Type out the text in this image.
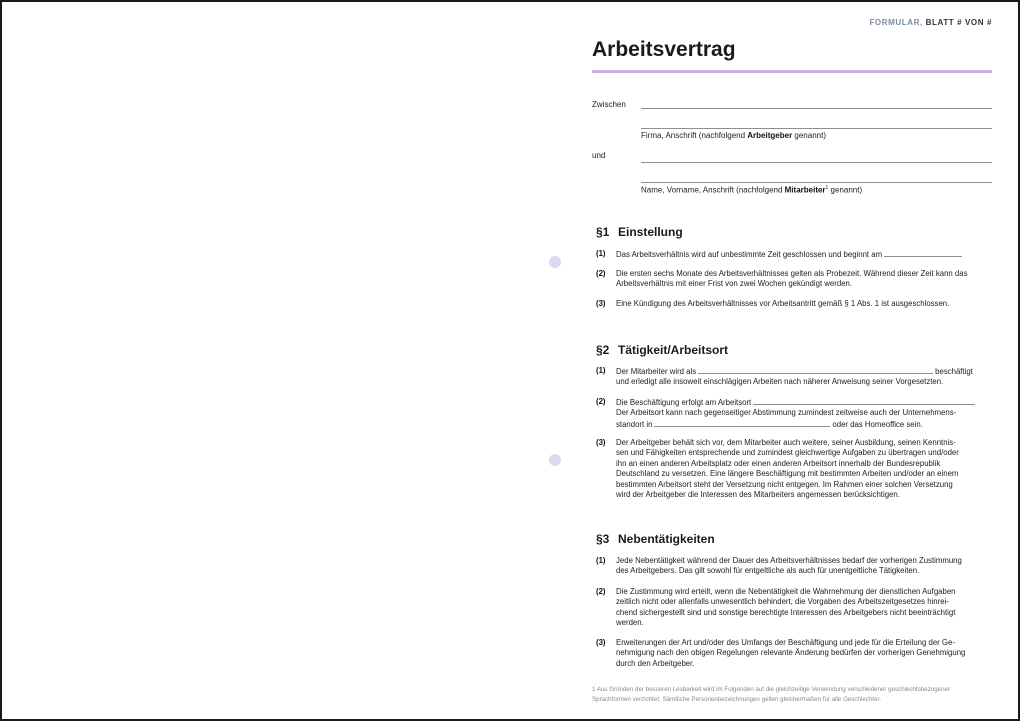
FORMULAR, BLATT # VON #
Arbeitsvertrag
Zwischen
Firma, Anschrift (nachfolgend Arbeitgeber genannt)
und
Name, Vorname, Anschrift (nachfolgend Mitarbeiter$^1$ genannt)
§1 Einstellung
(1) Das Arbeitsverhältnis wird auf unbestimmte Zeit geschlossen und beginnt am
(2) Die ersten sechs Monate des Arbeitsverhältnisses gelten als Probezeit. Während dieser Zeit kann das
Arbeitsverhältnis mit einer Frist von zwei Wochen gekündigt werden.
(3) Eine Kündigung des Arbeitsverhältnisses vor Arbeitsantritt gemäß § 1 Abs. 1 ist ausgeschlossen.
§2 Tätigkeit/Arbeitsort
(1) Der Mitarbeiter wird als	beschäftigt
und erledigt alle insoweit einschlägigen Arbeiten nach näherer Anweisung seiner Vorgesetzten.
(2) Die Beschäftigung erfolgt am Arbeitsort
Der Arbeitsort kann nach gegenseitiger Abstimmung zumindest zeitweise auch der Unternehmens-
standort in	oder das Homeoffice sein.
(3) Der Arbeitgeber behält sich vor, dem Mitarbeiter auch weitere, seiner Ausbildung, seinen Kenntnis-
sen und Fähigkeiten entsprechende und zumindest gleichwertige Aufgaben zu übertragen und/oder
ihn an einen anderen Arbeitsplatz oder einen anderen Arbeitsort innerhalb der Bundesrepublik
Deutschland zu versetzen. Eine längere Beschäftigung mit bestimmten Arbeiten und/oder an einem
bestimmten Arbeitsort steht der Versetzung nicht entgegen. Im Rahmen einer solchen Versetzung
wird der Arbeitgeber die Interessen des Mitarbeiters angemessen berücksichtigen.
§3 Nebentätigkeiten
(1) Jede Nebentätigkeit während der Dauer des Arbeitsverhältnisses bedarf der vorherigen Zustimmung
des Arbeitgebers. Das gilt sowohl für entgeltliche als auch für unentgeltliche Tätigkeiten.
(2) Die Zustimmung wird erteilt, wenn die Nebentätigkeit die Wahrnehmung der dienstlichen Aufgaben
zeitlich nicht oder allenfalls unwesentlich behindert, die Vorgaben des Arbeitszeitgesetzes hinrei-
chend sichergestellt sind und sonstige berechtigte Interessen des Arbeitgebers nicht beeinträchtigt
werden.
(3) Erweiterungen der Art und/oder des Umfangs der Beschäftigung und jede für die Erteilung der Ge-
nehmigung nach den obigen Regelungen relevante Änderung bedürfen der vorherigen Genehmigung
durch den Arbeitgeber.
1 Aus Gründen der besseren Lesbarkeit wird im Folgenden auf die gleichzeitige Verwendung verschiedener geschlechtsbezogener
Sprachformen verzichtet. Sämtliche Personenbezeichnungen gelten gleichermaßen für alle Geschlechter.
